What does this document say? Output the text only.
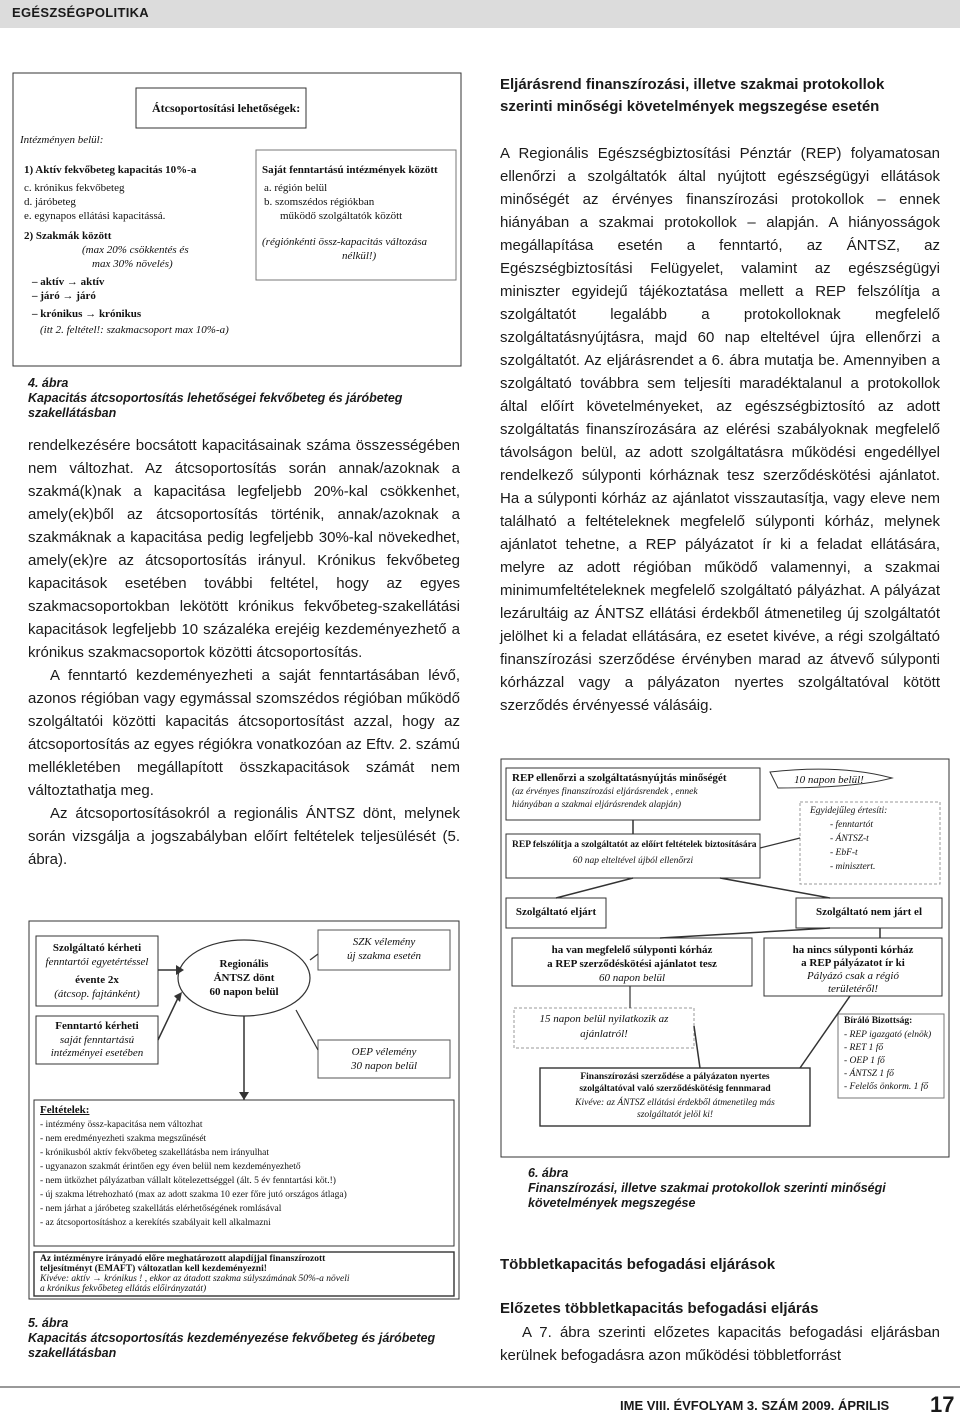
EGÉSZSÉGPOLITIKA
Átcsoportosítási lehetőségek:
Intézményen belül:
1) Aktív fekvőbeteg kapacitás 10%-a
c. krónikus fekvőbeteg
d. járóbeteg
e. egynapos ellátási kapacitássá.
2) Szakmák között
(max 20% csökkentés és
max 30% növelés)
– aktív → aktív
– járó → járó
– krónikus → krónikus
(itt 2. feltétel!: szakmacsoport max 10%-a)
Saját fenntartású intézmények között
a. régión belül
b. szomszédos régiókban
működő szolgáltatók között
(régiónkénti össz-kapacitás változása
nélkül!)
4. ábra
Kapacitás átcsoportosítás lehetőségei fekvőbeteg és járóbeteg szakellátásban

rendelkezésére bocsátott kapacitásainak száma összességében nem változhat. Az átcsoportosítás során annak/azoknak a szakmá(k)nak a kapacitása legfeljebb 20%-kal csökkenhet, amely(ek)ből az átcsoportosítás történik, annak/azoknak a szakmáknak a kapacitása pedig legfeljebb 30%-kal növekedhet, amely(ek)re az átcsoportosítás irányul. Krónikus fekvőbeteg kapacitások esetében további feltétel, hogy az egyes szakmacsoportokban lekötött krónikus fekvőbeteg-szakellátási kapacitások legfeljebb 10 százaléka erejéig kezdeményezhető a krónikus szakmacsoportok közötti átcsoportosítás.

A fenntartó kezdeményezheti a saját fenntartásában lévő, azonos régióban vagy egymással szomszédos régióban működő szolgáltatói közötti kapacitás átcsoportosítást azzal, hogy az átcsoportosítás az egyes régiókra vonatkozóan az Eftv. 2. számú mellékletében megállapított összkapacitások számát nem változtathatja meg.

Az átcsoportosításokról a regionális ÁNTSZ dönt, melynek során vizsgálja a jogszabályban előírt feltételek teljesülését (5. ábra).

Szolgáltató kérheti
fenntartói egyetértéssel
évente 2x
(átcsop. fajtánként)
Fenntartó kérheti
saját fenntartású
intézményei esetében
Regionális
ÁNTSZ dönt
60 napon belül
SZK vélemény
új szakma esetén
OEP vélemény
30 napon belül
Feltételek:
- intézmény össz-kapacitása nem változhat
- nem eredményezheti szakma megszűnését
- krónikusból aktív fekvőbeteg szakellátásba nem irányulhat
- ugyanazon szakmát érintően egy éven belül nem kezdeményezhető
- nem ütközhet pályázatban vállalt kötelezettséggel (ált. 5 év fenntartási köt.!)
- új szakma létrehozható (max az adott szakma 10 ezer főre jutó országos átlaga)
- nem járhat a járóbeteg szakellátás elérhetőségének romlásával
- az átcsoportosításhoz a kerekítés szabályait kell alkalmazni
Az intézményre irányadó előre meghatározott alapdíjjal finanszírozott
teljesítményt (EMAFT) változatlan kell kezdeményezni!
Kivéve: aktív → krónikus ! , ekkor az átadott szakma súlyszámának 50%-a növeli
a krónikus fekvőbeteg ellátás előirányzatát)
5. ábra
Kapacitás átcsoportosítás kezdeményezése fekvőbeteg és járóbeteg szakellátásban
Eljárásrend finanszírozási, illetve szakmai protokollok szerinti minőségi követelmények megszegése esetén

A Regionális Egészségbiztosítási Pénztár (REP) folyamatosan ellenőrzi a szolgáltatók által nyújtott egészségügyi ellátások minőségét az érvényes finanszírozási protokollok – ennek hiányában a szakmai protokollok – alapján. A hiányosságok megállapítása esetén a fenntartó, az ÁNTSZ, az Egészségbiztosítási Felügyelet, valamint az egészségügyi miniszter egyidejű tájékoztatása mellett a REP felszólítja a szolgáltatót legalább a protokolloknak megfelelő szolgáltatásnyújtásra, majd 60 nap elteltével újra ellenőrzi a szolgáltatót. Az eljárásrendet a 6. ábra mutatja be. Amennyiben a szolgáltató továbbra sem teljesíti maradéktalanul a protokollok által előírt követelményeket, az egészségbiztosító az adott szolgáltatás finanszírozására az elérési szabályoknak megfelelő távolságon belül, az adott szolgáltatásra működési engedéllyel rendelkező súlyponti kórháznak tesz szerződéskötési ajánlatot. Ha a súlyponti kórház az ajánlatot visszautasítja, vagy eleve nem található a feltételeknek megfelelő súlyponti kórház, melynek ajánlatot tehetne, a REP pályázatot ír ki a feladat ellátására, melyre az adott régióban működő valamennyi, a szakmai minimumfeltételeknek megfelelő szolgáltató pályázhat. A pályázat lezárultáig az ÁNTSZ ellátási érdekből átmenetileg új szolgáltatót jelölhet ki a feladat ellátására, ez esetet kivéve, a régi szolgáltató finanszírozási szerződése érvényben marad az átvevő súlyponti kórházzal vagy a pályázaton nyertes szolgáltatóval kötött szerződés érvényessé válásáig.

REP ellenőrzi a szolgáltatásnyújtás minőségét
(az érvényes finanszírozási eljárásrendek , ennek
hiányában a szakmai eljárásrendek alapján)
10 napon belül!
REP felszólítja a szolgáltatót az előírt feltételek biztosítására
60 nap elteltével újból ellenőrzi
Egyidejűleg értesíti:
- fenntartót
- ÁNTSZ-t
- EbF-t
- minisztert.
Szolgáltató eljárt	Szolgáltató nem járt el
ha van megfelelő súlyponti kórház
a REP szerződéskötési ajánlatot tesz
60 napon belül
ha nincs súlyponti kórház
a REP pályázatot ír ki
Pályázó csak a régió
területéről!
15 napon belül nyilatkozik az
ajánlatról!
Bíráló Bizottság:
- REP igazgató (elnök)
- RET 1 fő
- OEP 1 fő
- ÁNTSZ 1 fő
- Felelős önkorm. 1 fő
Finanszírozási szerződése a pályázaton nyertes
szolgáltatóval való szerződéskötésig fennmarad
Kivéve: az ÁNTSZ ellátási érdekből átmenetileg más
szolgáltatót jelöl ki!
6. ábra
Finanszírozási, illetve szakmai protokollok szerinti minőségi követelmények megszegése
Többletkapacitás befogadási eljárások
Előzetes többletkapacitás befogadási eljárás

A 7. ábra szerinti előzetes kapacitás befogadási eljárásban kerülnek befogadásra azon működési többletforrást

IME VIII. ÉVFOLYAM 3. SZÁM 2009. ÁPRILIS 17
